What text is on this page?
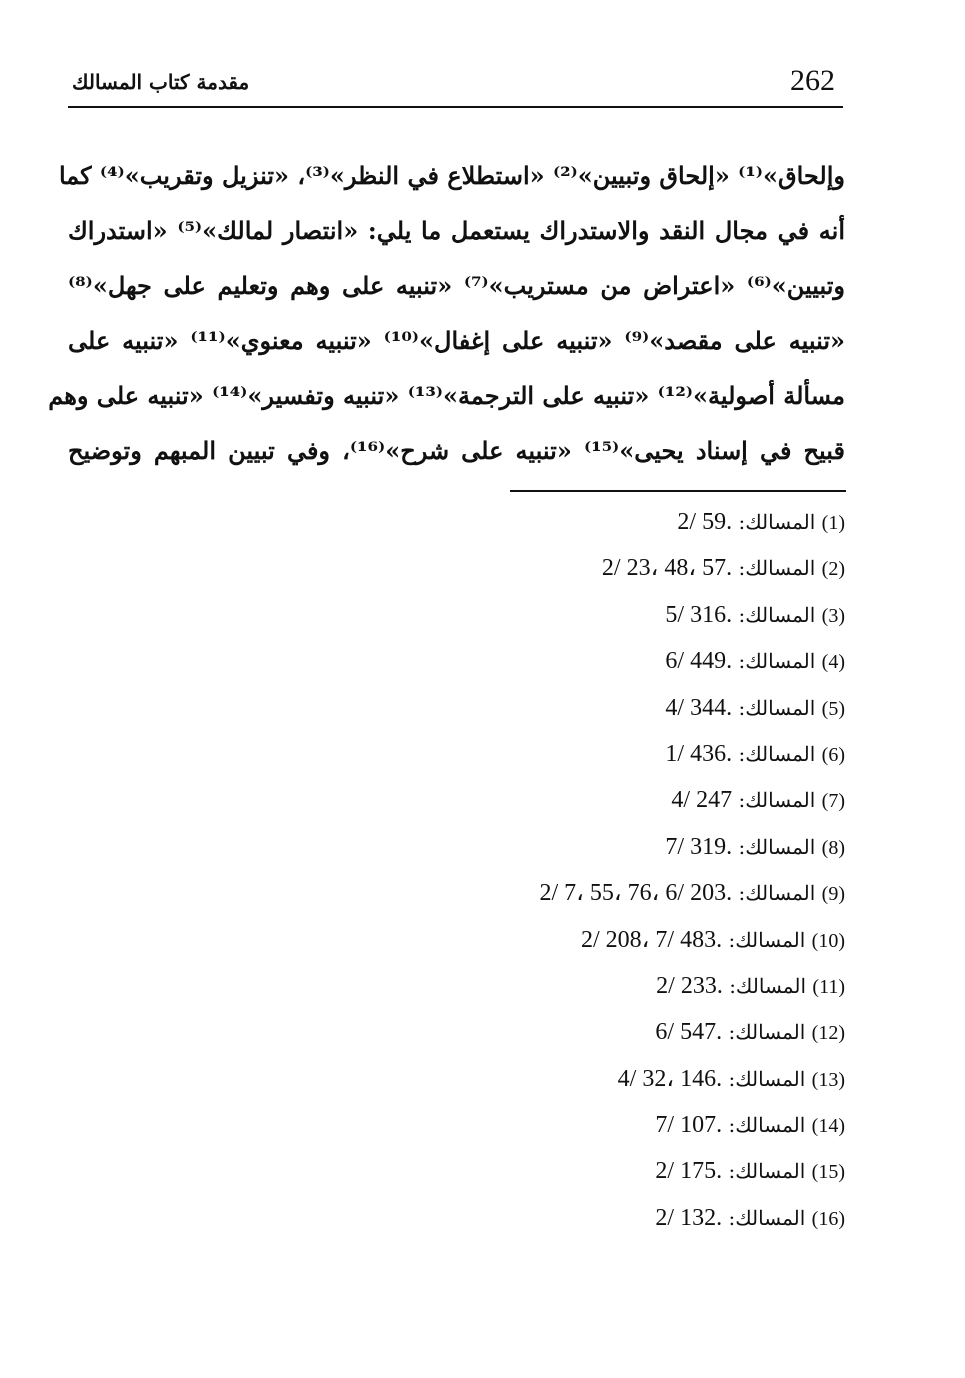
262
مقدمة كتاب المسالك
وإلحاق»⁽¹⁾ «إلحاق وتبيين»⁽²⁾ «استطلاع في النظر»⁽³⁾، «تنزيل وتقريب»⁽⁴⁾ كما
أنه في مجال النقد والاستدراك يستعمل ما يلي: «انتصار لمالك»⁽⁵⁾ «استدراك
وتبيين»⁽⁶⁾ «اعتراض من مستريب»⁽⁷⁾ «تنبيه على وهم وتعليم على جهل»⁽⁸⁾
«تنبيه على مقصد»⁽⁹⁾ «تنبيه على إغفال»⁽¹⁰⁾ «تنبيه معنوي»⁽¹¹⁾ «تنبيه على
مسألة أصولية»⁽¹²⁾ «تنبيه على الترجمة»⁽¹³⁾ «تنبيه وتفسير»⁽¹⁴⁾ «تنبيه على وهم
قبيح في إسناد يحيى»⁽¹⁵⁾ «تنبيه على شرح»⁽¹⁶⁾، وفي تبيين المبهم وتوضيح
(1) المسالك: 2/ 59.
(2) المسالك: 2/ 23، 48، 57.
(3) المسالك: 5/ 316.
(4) المسالك: 6/ 449.
(5) المسالك: 4/ 344.
(6) المسالك: 1/ 436.
(7) المسالك: 4/ 247
(8) المسالك: 7/ 319.
(9) المسالك: 2/ 7، 55، 76، 6/ 203.
(10) المسالك: 2/ 208، 7/ 483.
(11) المسالك: 2/ 233.
(12) المسالك: 6/ 547.
(13) المسالك: 4/ 32، 146.
(14) المسالك: 7/ 107.
(15) المسالك: 2/ 175.
(16) المسالك: 2/ 132.
